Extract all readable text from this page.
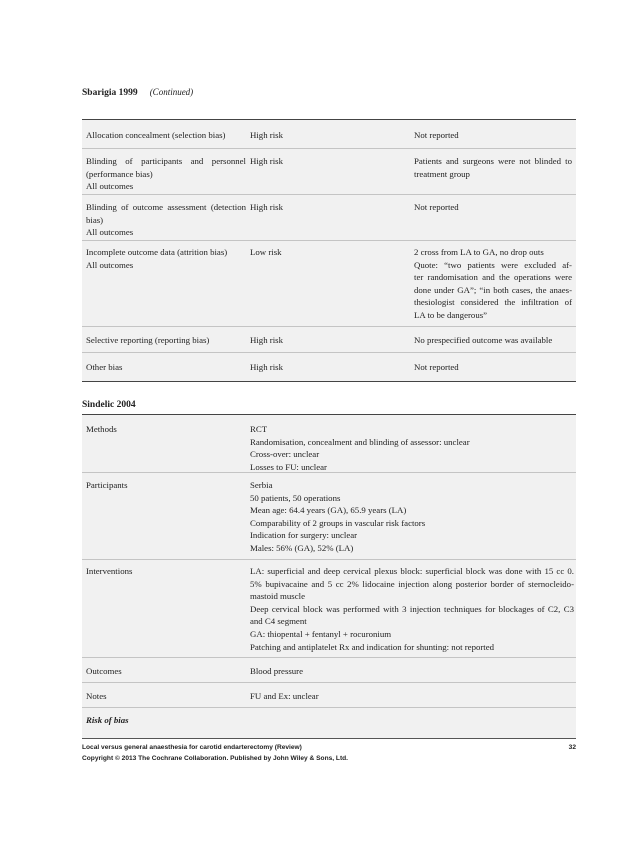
Sbarigia 1999 (Continued)
Allocation concealment (selection bias)	High risk	Not reported
Blinding of participants and personnel
(performance bias)
All outcomes
High risk	Patients and surgeons were not blinded to
treatment group
Blinding of outcome assessment (detection
bias)
All outcomes
High risk	Not reported
Incomplete outcome data (attrition bias)
All outcomes
Low risk	2 cross from LA to GA, no drop outs
Quote: “two patients were excluded af-
ter randomisation and the operations were
done under GA”; “in both cases, the anaes-
thesiologist considered the infiltration of
LA to be dangerous”
Selective reporting (reporting bias)	High risk	No prespecified outcome was available
Other bias	High risk	Not reported
Sindelic 2004
Methods	RCT
Randomisation, concealment and blinding of assessor: unclear
Cross-over: unclear
Losses to FU: unclear
Participants	Serbia
50 patients, 50 operations
Mean age: 64.4 years (GA), 65.9 years (LA)
Comparability of 2 groups in vascular risk factors
Indication for surgery: unclear
Males: 56% (GA), 52% (LA)
Interventions	LA: superficial and deep cervical plexus block: superficial block was done with 15 cc 0.
5% bupivacaine and 5 cc 2% lidocaine injection along posterior border of sternocleido-
mastoid muscle
Deep cervical block was performed with 3 injection techniques for blockages of C2, C3
and C4 segment
GA: thiopental + fentanyl + rocuronium
Patching and antiplatelet Rx and indication for shunting: not reported
Outcomes	Blood pressure
Notes	FU and Ex: unclear
Risk of bias
Local versus general anaesthesia for carotid endarterectomy (Review)	32
Copyright © 2013 The Cochrane Collaboration. Published by John Wiley & Sons, Ltd.
